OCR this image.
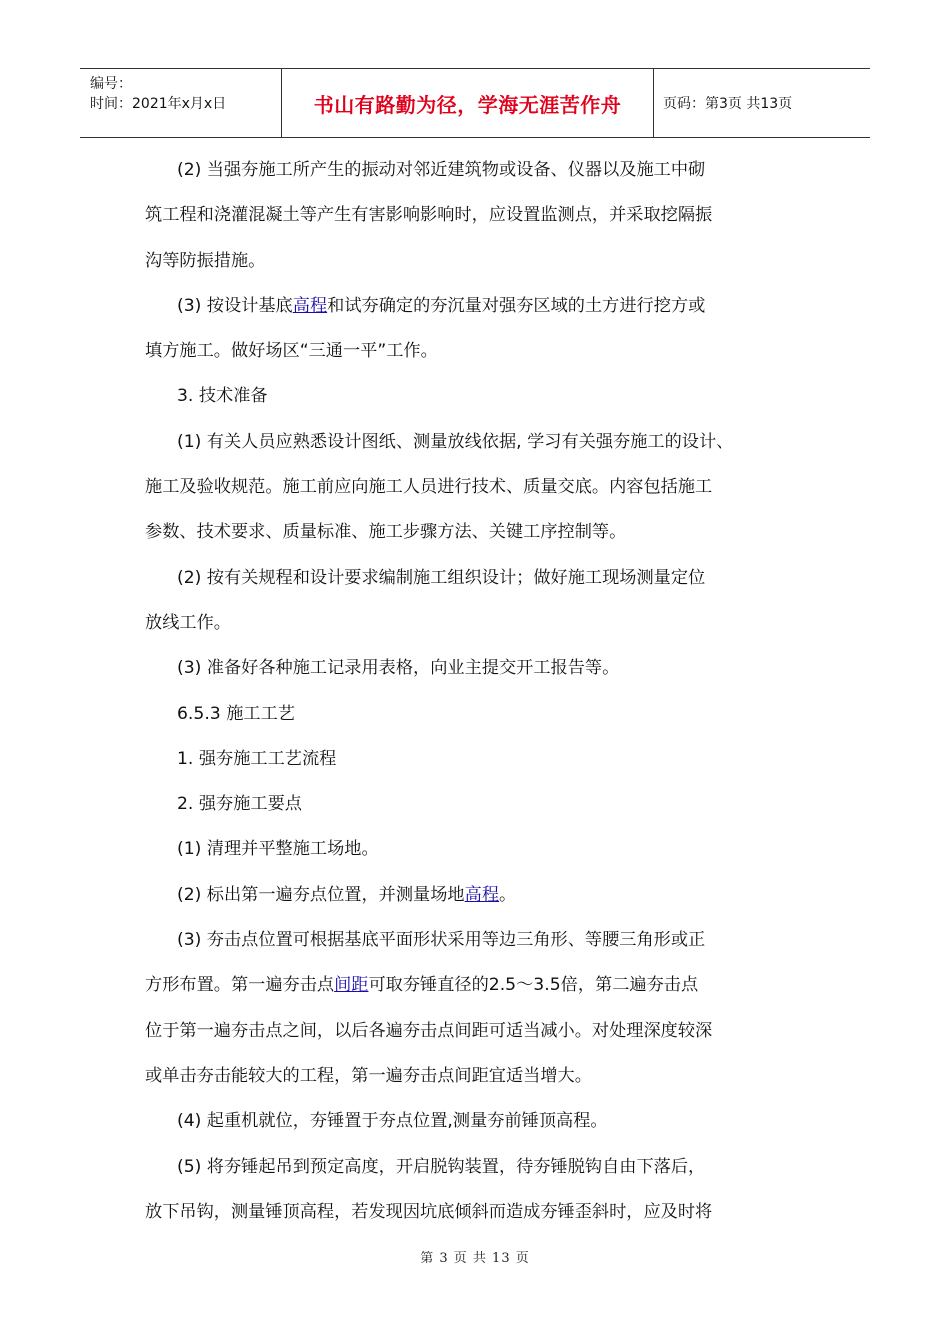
编号：
时间：2021年x月x日	书山有路勤为径，学海无涯苦作舟	页码：第3页 共13页
(2) 当强夯施工所产生的振动对邻近建筑物或设备、仪器以及施工中砌
筑工程和浇灌混凝土等产生有害影响影响时，应设置监测点，并采取挖隔振
沟等防振措施。
(3) 按设计基底高程和试夯确定的夯沉量对强夯区域的土方进行挖方或
填方施工。做好场区“三通一平”工作。
3. 技术准备
(1) 有关人员应熟悉设计图纸、测量放线依据, 学习有关强夯施工的设计、
施工及验收规范。施工前应向施工人员进行技术、质量交底。内容包括施工
参数、技术要求、质量标准、施工步骤方法、关键工序控制等。
(2) 按有关规程和设计要求编制施工组织设计；做好施工现场测量定位
放线工作。
(3) 准备好各种施工记录用表格，向业主提交开工报告等。
6.5.3 施工工艺
1. 强夯施工工艺流程
2. 强夯施工要点
(1) 清理并平整施工场地。
(2) 标出第一遍夯点位置，并测量场地高程。
(3) 夯击点位置可根据基底平面形状采用等边三角形、等腰三角形或正
方形布置。第一遍夯击点间距可取夯锤直径的2.5～3.5倍，第二遍夯击点
位于第一遍夯击点之间，以后各遍夯击点间距可适当减小。对处理深度较深
或单击夯击能较大的工程，第一遍夯击点间距宜适当增大。
(4) 起重机就位，夯锤置于夯点位置,测量夯前锤顶高程。
(5) 将夯锤起吊到预定高度，开启脱钩装置，待夯锤脱钩自由下落后，
放下吊钩，测量锤顶高程，若发现因坑底倾斜而造成夯锤歪斜时，应及时将
第 3 页 共 13 页
